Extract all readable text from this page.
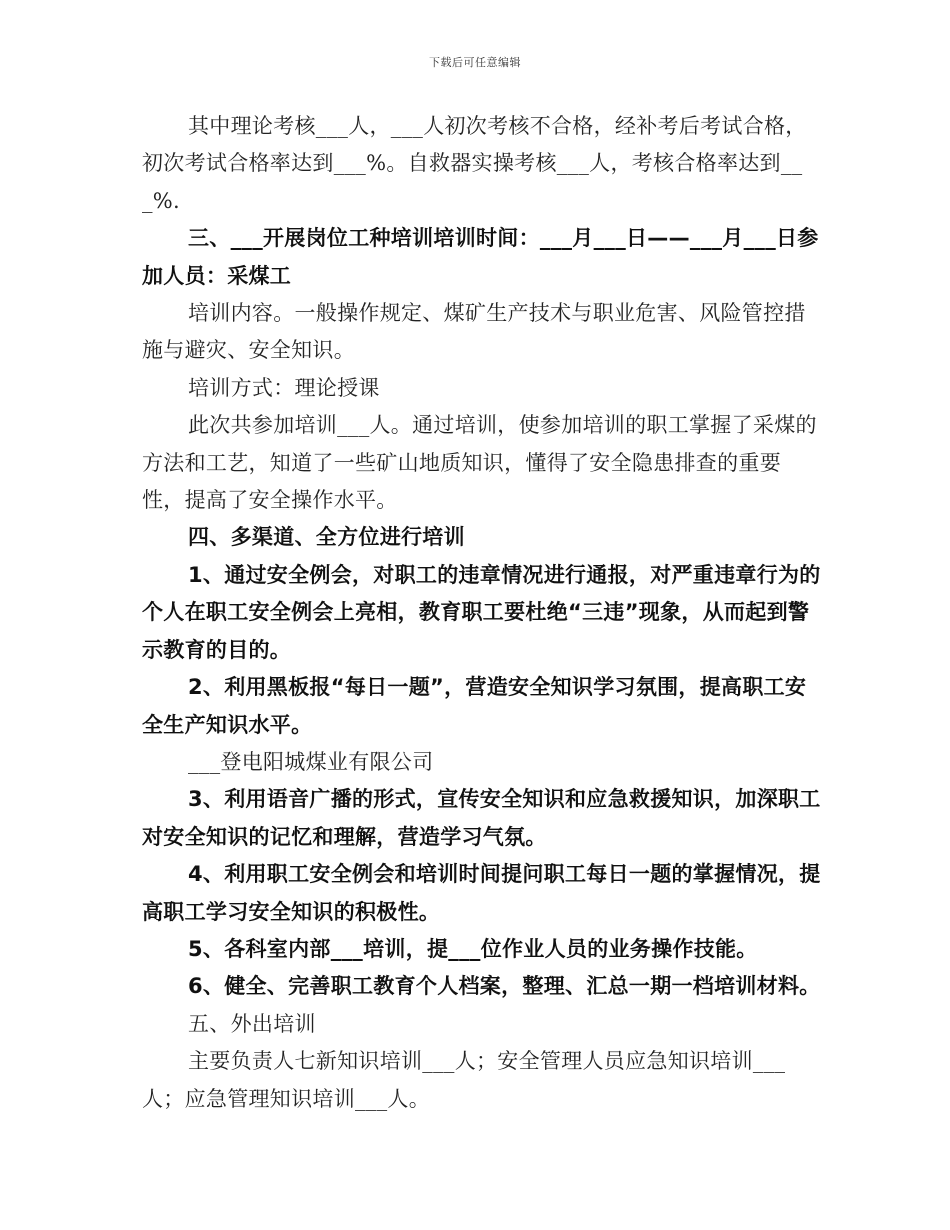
下载后可任意编辑

其中理论考核___人，___人初次考核不合格，经补考后考试合格，初次考试合格率达到___%。自救器实操考核___人，考核合格率达到___%.

三、___开展岗位工种培训培训时间：___月___日——___月___日参加人员：采煤工

培训内容。一般操作规定、煤矿生产技术与职业危害、风险管控措施与避灾、安全知识。

培训方式：理论授课

此次共参加培训___人。通过培训，使参加培训的职工掌握了采煤的方法和工艺，知道了一些矿山地质知识，懂得了安全隐患排查的重要性，提高了安全操作水平。

四、多渠道、全方位进行培训

1、通过安全例会，对职工的违章情况进行通报，对严重违章行为的个人在职工安全例会上亮相，教育职工要杜绝“三违”现象，从而起到警示教育的目的。

2、利用黑板报“每日一题”，营造安全知识学习氛围，提高职工安全生产知识水平。

___登电阳城煤业有限公司

3、利用语音广播的形式，宣传安全知识和应急救援知识，加深职工对安全知识的记忆和理解，营造学习气氛。

4、利用职工安全例会和培训时间提问职工每日一题的掌握情况，提高职工学习安全知识的积极性。

5、各科室内部___培训，提___位作业人员的业务操作技能。

6、健全、完善职工教育个人档案，整理、汇总一期一档培训材料。

五、外出培训

主要负责人七新知识培训___人；安全管理人员应急知识培训___人；应急管理知识培训___人。
